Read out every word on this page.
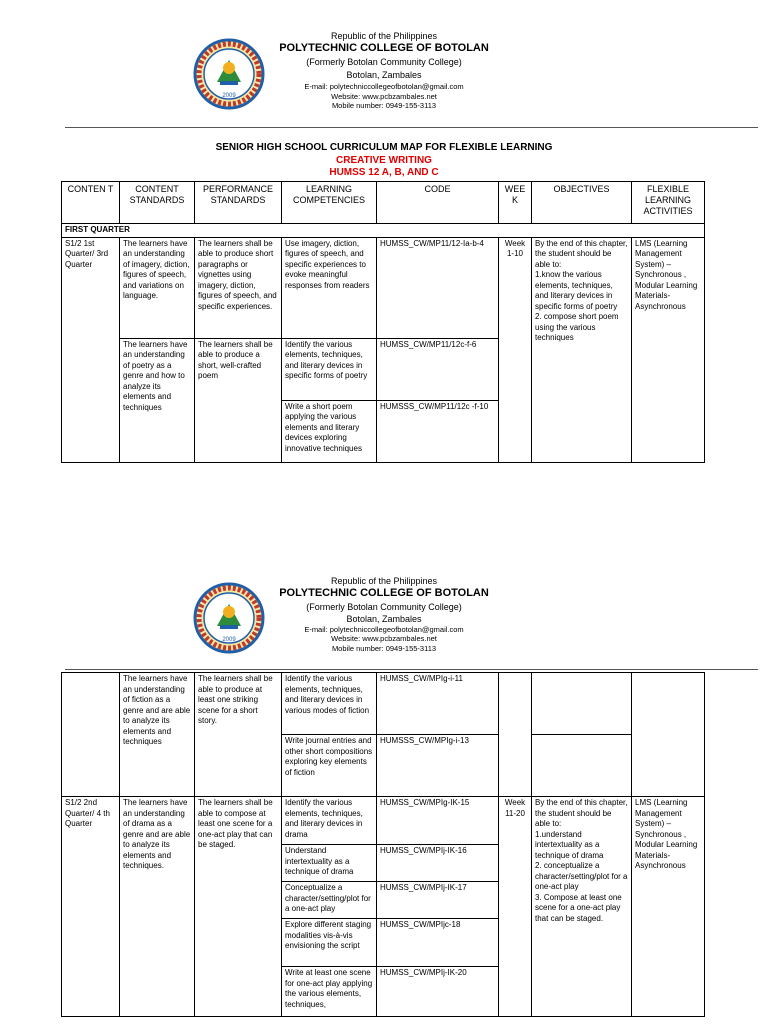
2009
Republic of the Philippines
POLYTECHNIC COLLEGE OF BOTOLAN
(Formerly Botolan Community College)
Botolan, Zambales
E-mail: polytechniccollegeofbotolan@gmail.com
Website: www.pcbzambales.net
Mobile number: 0949-155-3113
SENIOR HIGH SCHOOL CURRICULUM MAP FOR FLEXIBLE LEARNING
CREATIVE WRITING
HUMSS 12 A, B, AND C
CONTEN T	CONTENT STANDARDS	PERFORMANCE STANDARDS	LEARNING COMPETENCIES	CODE	WEE K	OBJECTIVES	FLEXIBLE LEARNING ACTIVITIES
FIRST QUARTER							
S1/2 1st Quarter/ 3rd Quarter	The learners have an understanding of imagery, diction, figures of speech, and variations on language.	The learners shall be able to produce short paragraphs or vignettes using imagery, diction, figures of speech, and specific experiences.	Use imagery, diction, figures of speech, and specific experiences to evoke meaningful responses from readers	HUMSS_CW/MP11/12-Ia-b-4	Week 1-10	By the end of this chapter, the student should be able to:
1.know the various elements, techniques, and literary devices in specific forms of poetry
2. compose short poem using the various techniques	LMS (Learning Management System) – Synchronous , Modular Learning Materials- Asynchronous
	The learners have an understanding of poetry as a genre and how to analyze its elements and techniques	The learners shall be able to produce a short, well-crafted poem	Identify the various elements, techniques, and literary devices in specific forms of poetry	HUMSS_CW/MP11/12c-f-6			
			Write a short poem applying the various elements and literary devices exploring innovative techniques	HUMSSS_CW/MP11/12c -f-10			
2009
Republic of the Philippines
POLYTECHNIC COLLEGE OF BOTOLAN
(Formerly Botolan Community College)
Botolan, Zambales
E-mail: polytechniccollegeofbotolan@gmail.com
Website: www.pcbzambales.net
Mobile number: 0949-155-3113
	The learners have an understanding of fiction as a genre and are able to analyze its elements and techniques	The learners shall be able to produce at least one striking scene for a short story.	Identify the various elements, techniques, and literary devices in various modes of fiction	HUMSS_CW/MPIg-i-11			
			Write journal entries and other short compositions exploring key elements of fiction	HUMSSS_CW/MPIg-i-13			
S1/2 2nd Quarter/ 4 th Quarter	The learners have an understanding of drama as a genre and are able to analyze its elements and techniques.	The learners shall be able to compose at least one scene for a one-act play that can be staged.	Identify the various elements, techniques, and literary devices in drama	HUMSS_CW/MPIg-IK-15	Week 11-20	By the end of this chapter, the student should be able to:
1.understand intertextuality as a technique of drama
2. conceptualize a character/setting/plot for a one-act play
3. Compose at least one scene for a one-act play that can be staged.	LMS (Learning Management System) – Synchronous , Modular Learning Materials- Asynchronous
			Understand intertextuality as a technique of drama	HUMSS_CW/MPIj-IK-16			
			Conceptualize a character/setting/plot for a one-act play	HUMSS_CW/MPIj-IK-17			
			Explore different staging modalities vis-à-vis envisioning the script	HUMSS_CW/MPIjc-18			
			Write at least one scene for one-act play applying the various elements, techniques,	HUMSS_CW/MPIj-IK-20			
